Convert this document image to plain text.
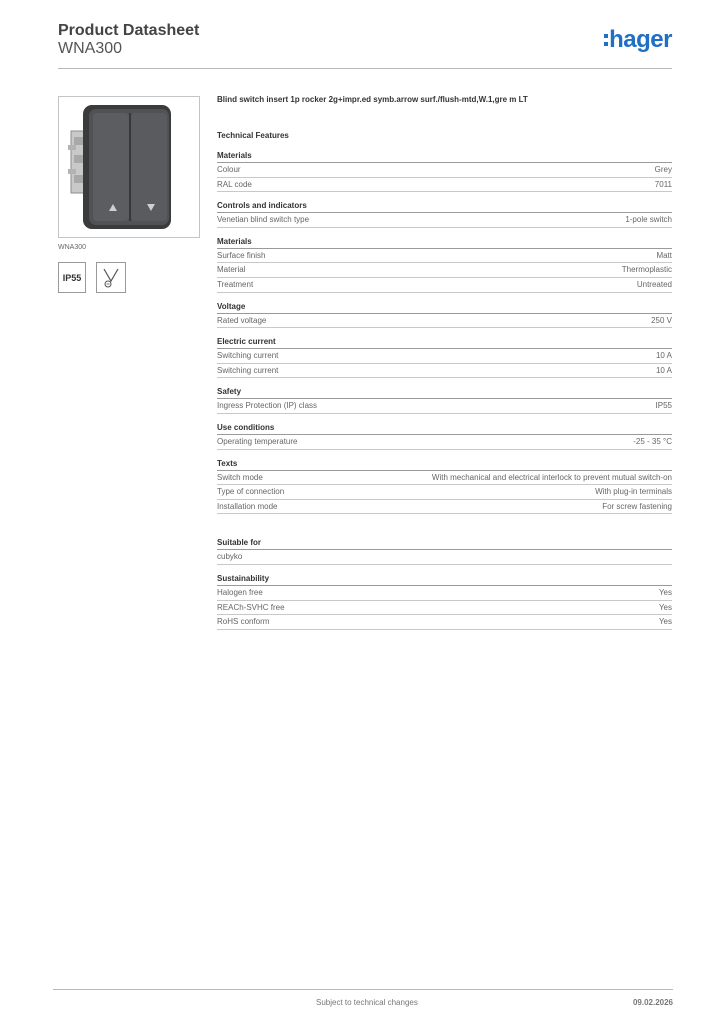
Product Datasheet
WNA300	hager
WNA300
IP55
Blind switch insert 1p rocker 2g+impr.ed symb.arrow surf./flush-mtd,W.1,gre m LT
Technical Features
Materials
Colour	Grey
RAL code	7011
Controls and indicators
Venetian blind switch type	1-pole switch
Materials
Surface finish	Matt
Material	Thermoplastic
Treatment	Untreated
Voltage
Rated voltage	250 V
Electric current
Switching current	10 A
Switching current	10 A
Safety
Ingress Protection (IP) class	IP55
Use conditions
Operating temperature	-25 - 35 °C
Texts
Switch mode	With mechanical and electrical interlock to prevent mutual switch-on
Type of connection	With plug-in terminals
Installation mode	For screw fastening
Suitable for
cubyko
Sustainability
Halogen free	Yes
REACh-SVHC free	Yes
RoHS conform	Yes
Subject to technical changes	09.02.2026
